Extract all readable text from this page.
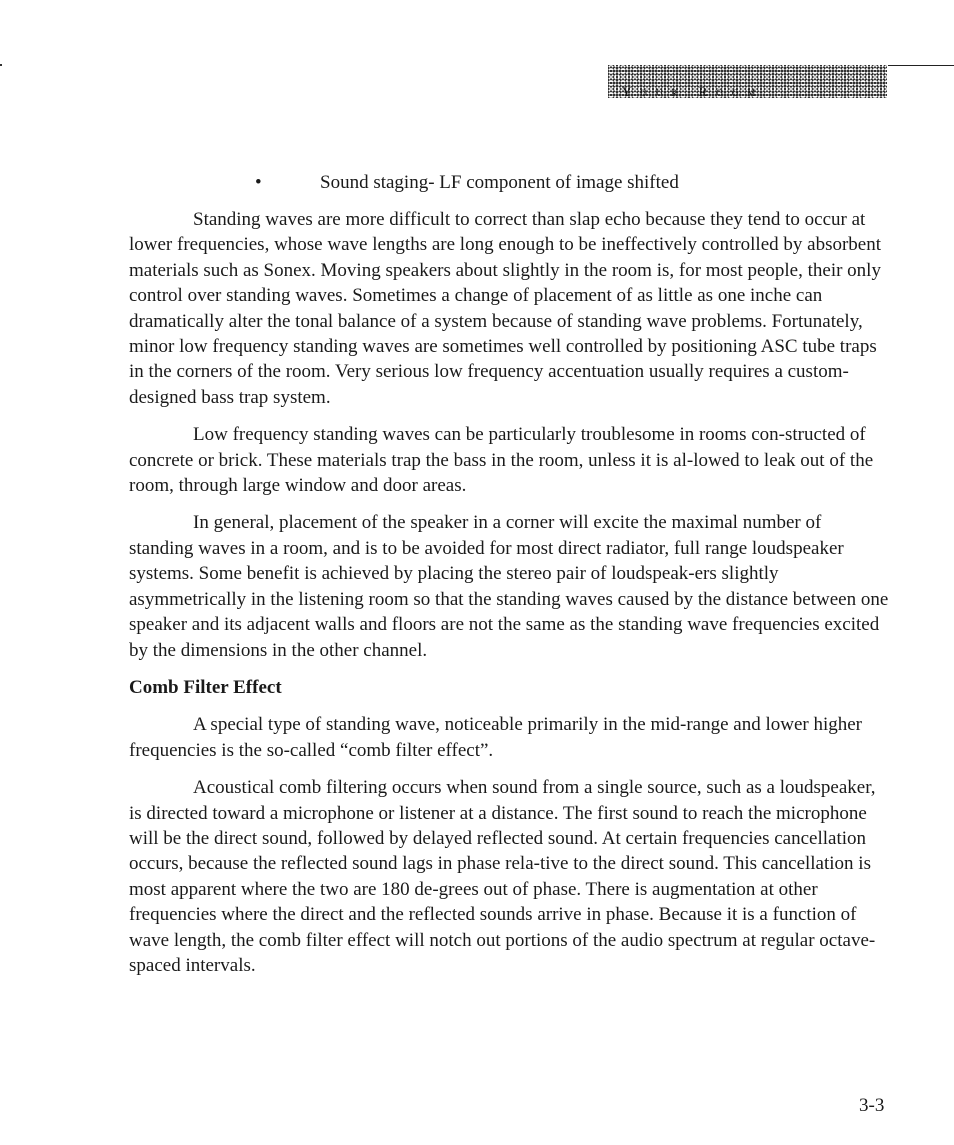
Your Room
•	Sound staging- LF component of image shifted

Standing waves are more difficult to correct than slap echo because they tend to occur at lower frequencies, whose wave lengths are long enough to be ineffectively controlled by absorbent materials such as Sonex. Moving speakers about slightly in the room is, for most people, their only control over standing waves. Sometimes a change of placement of as little as one inche can dramatically alter the tonal balance of a system because of standing wave problems. Fortunately, minor low frequency standing waves are sometimes well controlled by positioning ASC tube traps in the corners of the room. Very serious low frequency accentuation usually requires a custom-designed bass trap system.

Low frequency standing waves can be particularly troublesome in rooms con-structed of concrete or brick. These materials trap the bass in the room, unless it is al-lowed to leak out of the room, through large window and door areas.

In general, placement of the speaker in a corner will excite the maximal number of standing waves in a room, and is to be avoided for most direct radiator, full range loudspeaker systems. Some benefit is achieved by placing the stereo pair of loudspeak-ers slightly asymmetrically in the listening room so that the standing waves caused by the distance between one speaker and its adjacent walls and floors are not the same as the standing wave frequencies excited by the dimensions in the other channel.

Comb Filter Effect

A special type of standing wave, noticeable primarily in the mid-range and lower higher frequencies is the so-called “comb filter effect”.

Acoustical comb filtering occurs when sound from a single source, such as a loudspeaker, is directed toward a microphone or listener at a distance. The first sound to reach the microphone will be the direct sound, followed by delayed reflected sound. At certain frequencies cancellation occurs, because the reflected sound lags in phase rela-tive to the direct sound. This cancellation is most apparent where the two are 180 de-grees out of phase. There is augmentation at other frequencies where the direct and the reflected sounds arrive in phase. Because it is a function of wave length, the comb filter effect will notch out portions of the audio spectrum at regular octave-spaced intervals.

3-3
